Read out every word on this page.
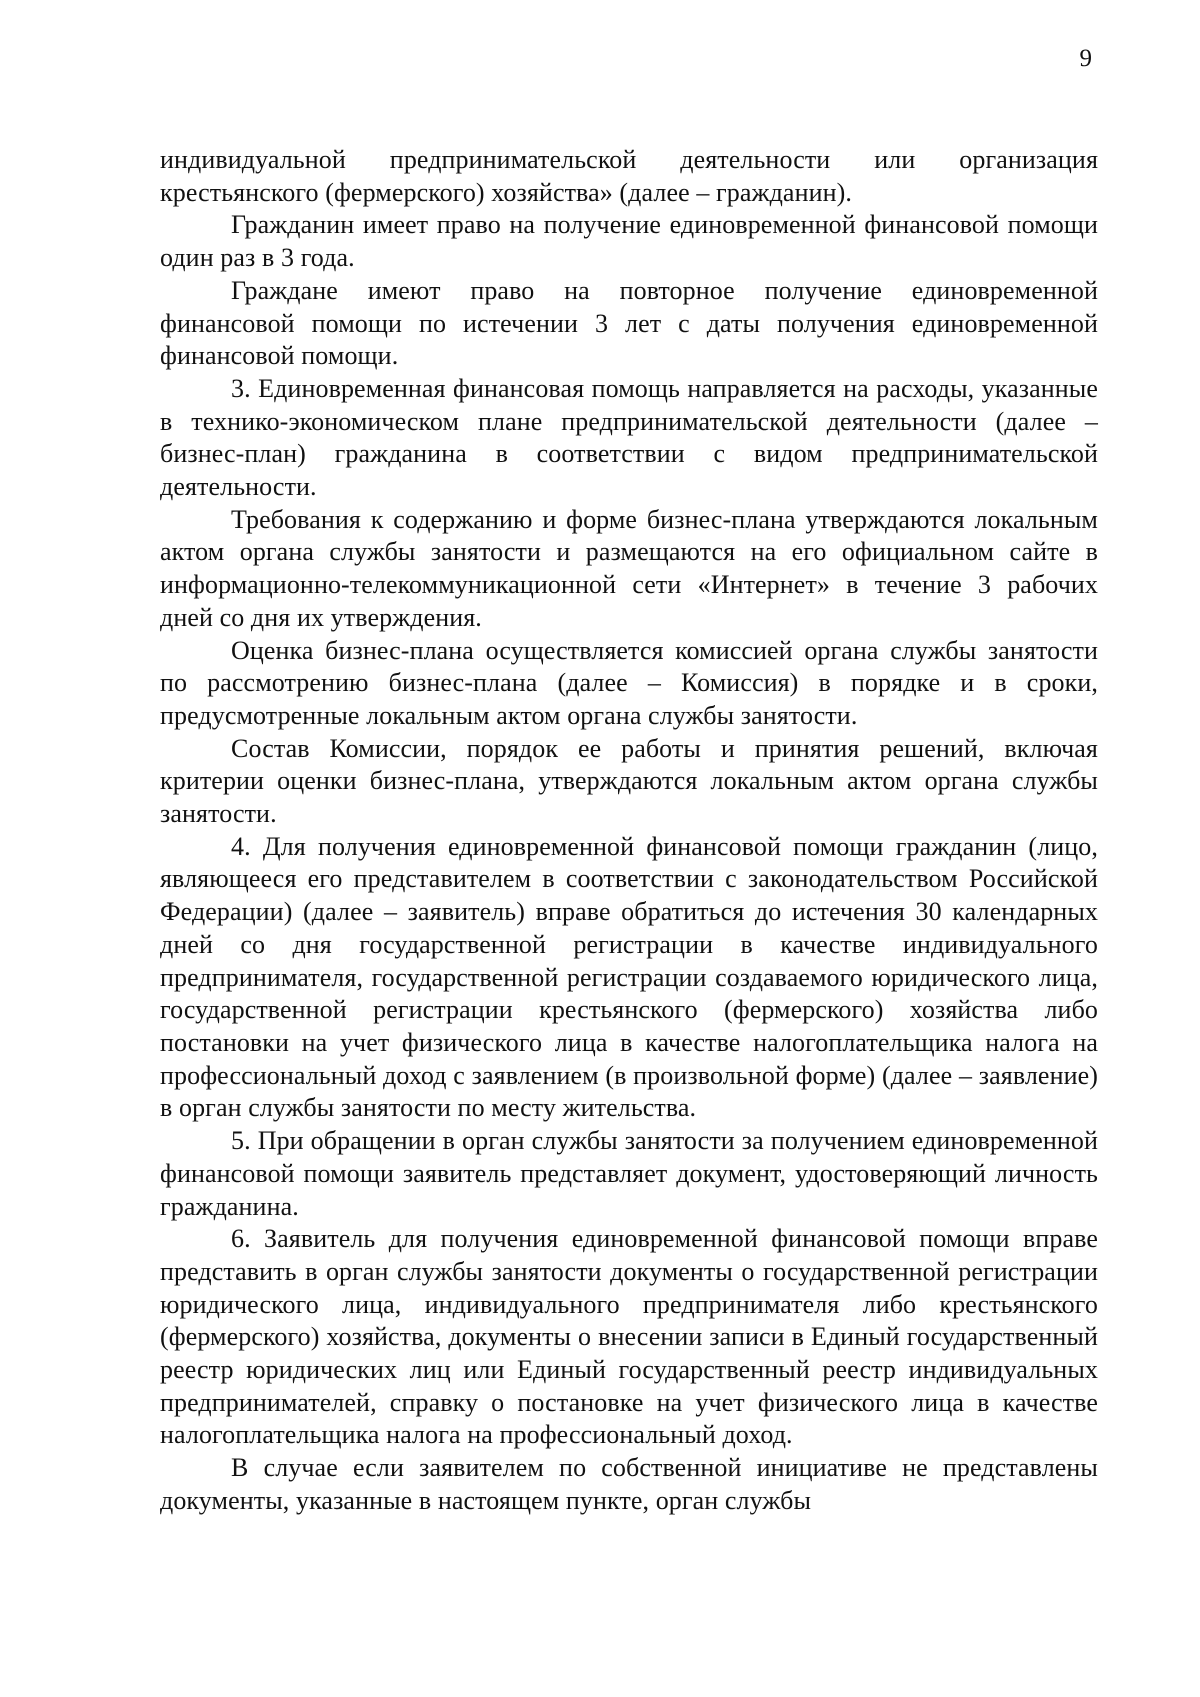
9

индивидуальной предпринимательской деятельности или организация крестьянского (фермерского) хозяйства» (далее – гражданин).

Гражданин имеет право на получение единовременной финансовой помощи один раз в 3 года.

Граждане имеют право на повторное получение единовременной финансовой помощи по истечении 3 лет с даты получения единовременной финансовой помощи.

3. Единовременная финансовая помощь направляется на расходы, указанные в технико-экономическом плане предпринимательской деятельности (далее – бизнес-план) гражданина в соответствии с видом предпринимательской деятельности.

Требования к содержанию и форме бизнес-плана утверждаются локальным актом органа службы занятости и размещаются на его официальном сайте в информационно-телекоммуникационной сети «Интернет» в течение 3 рабочих дней со дня их утверждения.

Оценка бизнес-плана осуществляется комиссией органа службы занятости по рассмотрению бизнес-плана (далее – Комиссия) в порядке и в сроки, предусмотренные локальным актом органа службы занятости.

Состав Комиссии, порядок ее работы и принятия решений, включая критерии оценки бизнес-плана, утверждаются локальным актом органа службы занятости.

4. Для получения единовременной финансовой помощи гражданин (лицо, являющееся его представителем в соответствии с законодательством Российской Федерации) (далее – заявитель) вправе обратиться до истечения 30 календарных дней со дня государственной регистрации в качестве индивидуального предпринимателя, государственной регистрации создаваемого юридического лица, государственной регистрации крестьянского (фермерского) хозяйства либо постановки на учет физического лица в качестве налогоплательщика налога на профессиональный доход с заявлением (в произвольной форме) (далее – заявление) в орган службы занятости по месту жительства.

5. При обращении в орган службы занятости за получением единовременной финансовой помощи заявитель представляет документ, удостоверяющий личность гражданина.

6. Заявитель для получения единовременной финансовой помощи вправе представить в орган службы занятости документы о государственной регистрации юридического лица, индивидуального предпринимателя либо крестьянского (фермерского) хозяйства, документы о внесении записи в Единый государственный реестр юридических лиц или Единый государственный реестр индивидуальных предпринимателей, справку о постановке на учет физического лица в качестве налогоплательщика налога на профессиональный доход.

В случае если заявителем по собственной инициативе не представлены документы, указанные в настоящем пункте, орган службы
